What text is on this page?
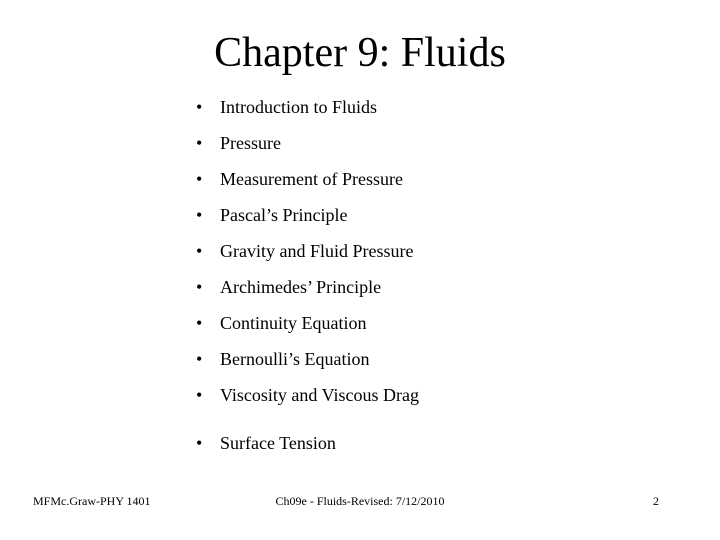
Chapter 9: Fluids
• Introduction to Fluids
• Pressure
• Measurement of Pressure
• Pascal’s Principle
• Gravity and Fluid Pressure
• Archimedes’ Principle
• Continuity Equation
• Bernoulli’s Equation
• Viscosity and Viscous Drag
• Surface Tension
MFMc.Graw-PHY 1401	Ch09e - Fluids-Revised: 7/12/2010	2
